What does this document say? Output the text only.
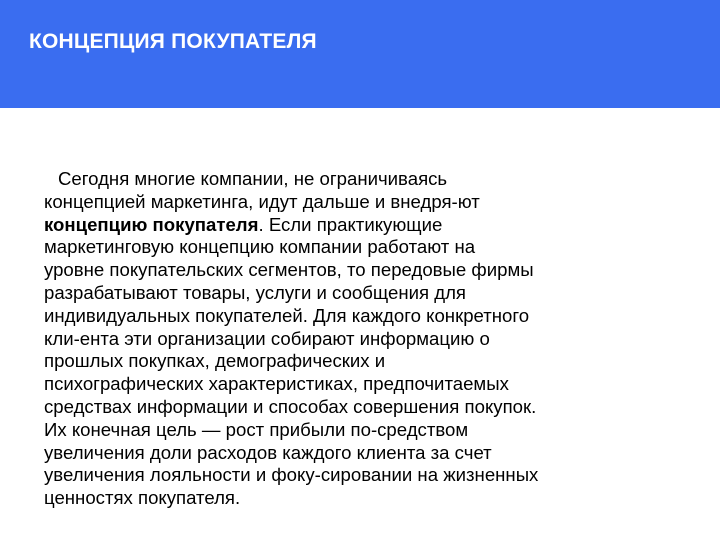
КОНЦЕПЦИЯ ПОКУПАТЕЛЯ
Сегодня многие компании, не ограничиваясь
концепцией маркетинга, идут дальше и внедря-ют
концепцию покупателя. Если практикующие
маркетинговую концепцию компании работают на
уровне покупательских сегментов, то передовые фирмы
разрабатывают товары, услуги и сообщения для
индивидуальных покупателей. Для каждого конкретного
кли-ента эти организации собирают информацию о
прошлых покупках, демографических и
психографических характеристиках, предпочитаемых
средствах информации и способах совершения покупок.
Их конечная цель — рост прибыли по-средством
увеличения доли расходов каждого клиента за счет
увеличения лояльности и фоку-сировании на жизненных
ценностях покупателя.
